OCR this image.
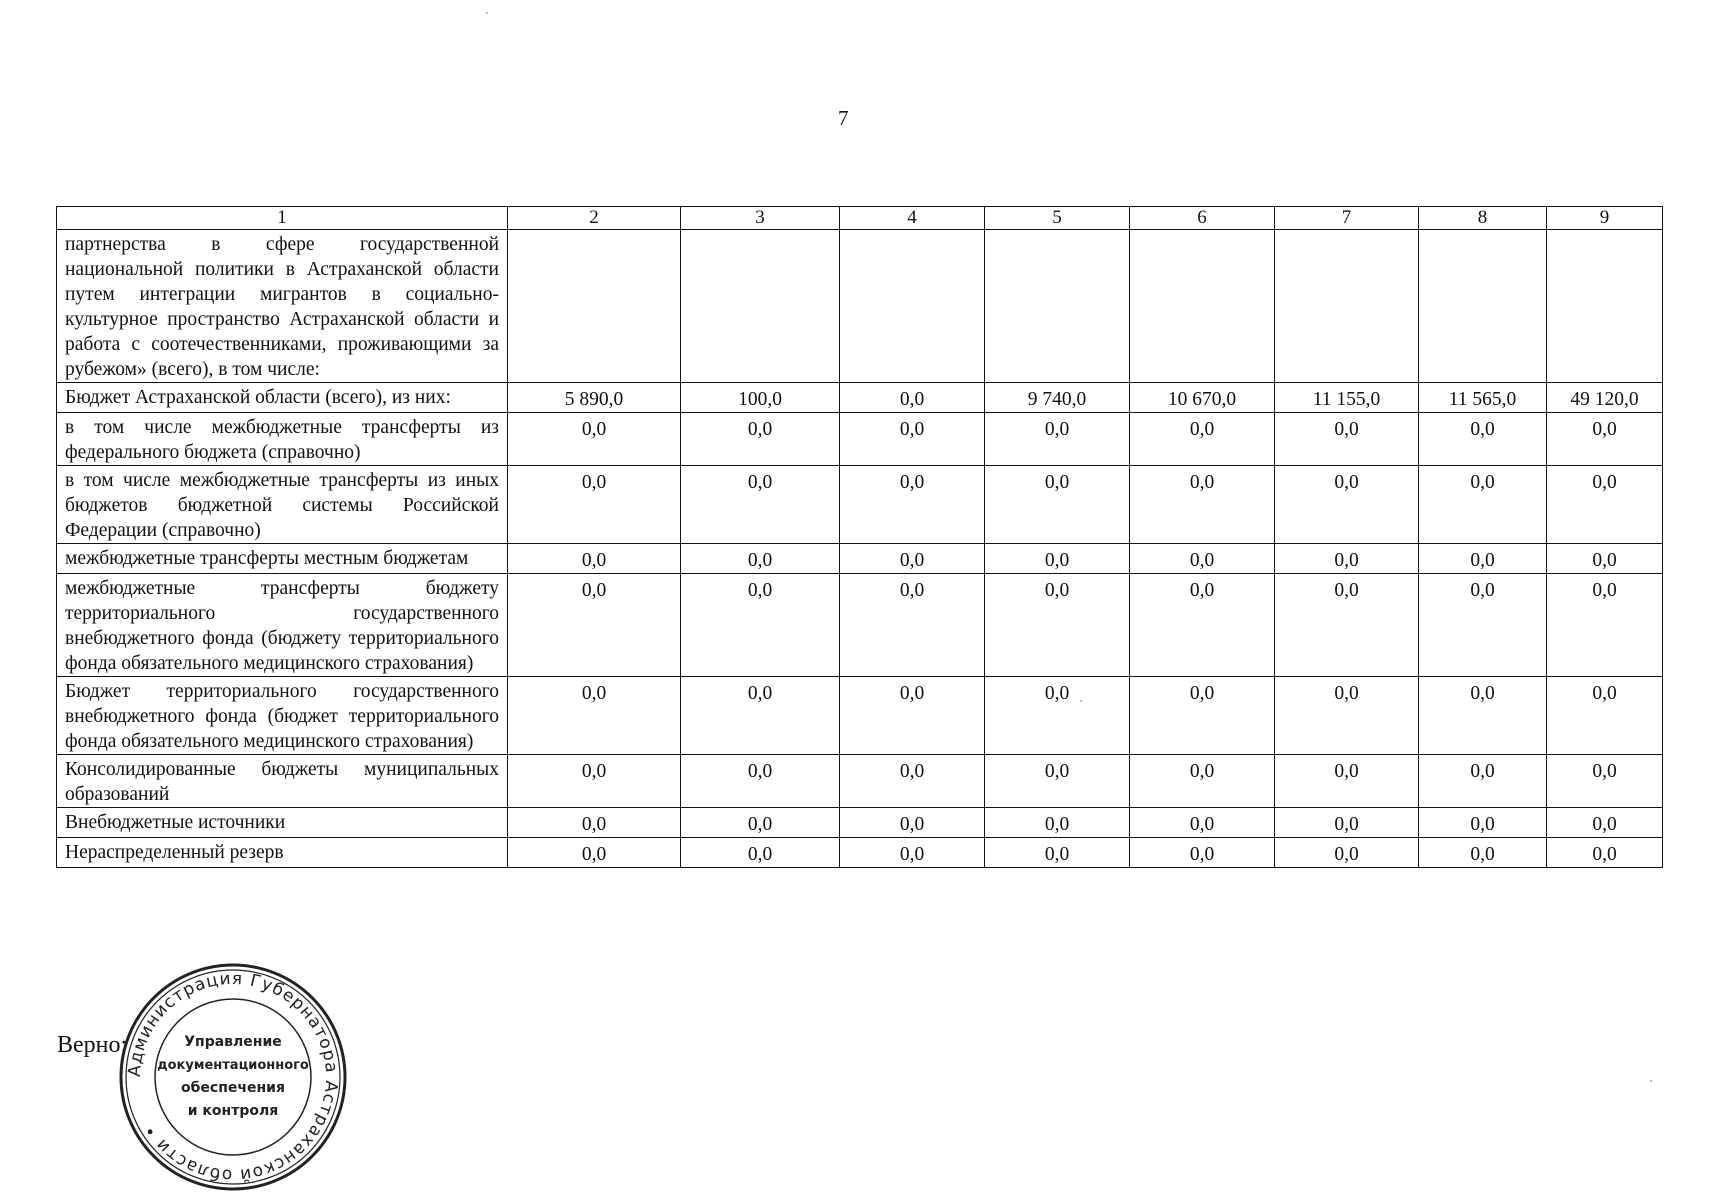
7
1	2	3	4	5	6	7	8	9
партнерства в сфере государственной национальной политики в Астраханской области путем интеграции мигрантов в социально-культурное пространство Астраханской области и работа с соотечественниками, проживающими за рубежом» (всего), в том числе:								
Бюджет Астраханской области (всего), из них:	5 890,0	100,0	0,0	9 740,0	10 670,0	11 155,0	11 565,0	49 120,0
в том числе межбюджетные трансферты из федерального бюджета (справочно)	0,0	0,0	0,0	0,0	0,0	0,0	0,0	0,0
в том числе межбюджетные трансферты из иных бюджетов бюджетной системы Российской Федерации (справочно)	0,0	0,0	0,0	0,0	0,0	0,0	0,0	0,0
межбюджетные трансферты местным бюджетам	0,0	0,0	0,0	0,0	0,0	0,0	0,0	0,0
межбюджетные трансферты бюджету территориального государственного внебюджетного фонда (бюджету территориального фонда обязательного медицинского страхования)	0,0	0,0	0,0	0,0	0,0	0,0	0,0	0,0
Бюджет территориального государственного внебюджетного фонда (бюджет территориального фонда обязательного медицинского страхования)	0,0	0,0	0,0	0,0	0,0	0,0	0,0	0,0
Консолидированные бюджеты муниципальных образований	0,0	0,0	0,0	0,0	0,0	0,0	0,0	0,0
Внебюджетные источники	0,0	0,0	0,0	0,0	0,0	0,0	0,0	0,0
Нераспределенный резерв	0,0	0,0	0,0	0,0	0,0	0,0	0,0	0,0
Верно:
Администрация Губернатора Астраханской области •
Управление
документационного
обеспечения
и контроля
